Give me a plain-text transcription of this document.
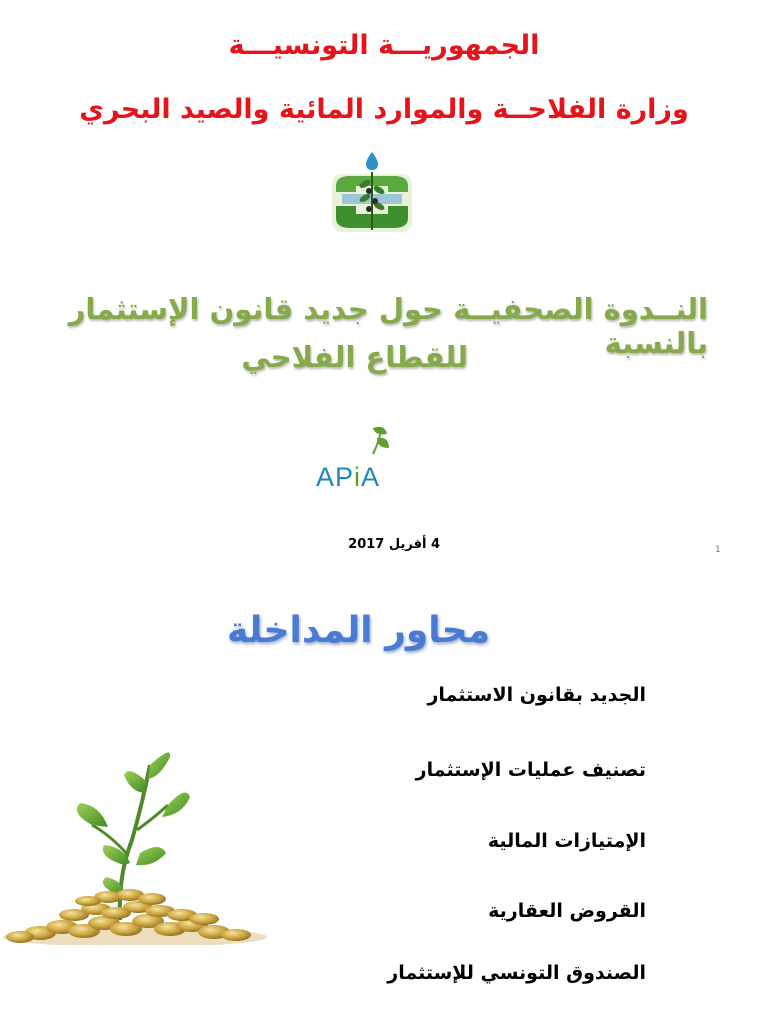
الجمهوريـــة التونسيـــة
وزارة الفلاحــة والموارد المائية والصيد البحري
النــدوة الصحفيــة حول جديد قانون الإستثمار بالنسبة
للقطاع الفلاحي
APiA
4 أفريل 2017	1
محاور المداخلة
الجديد بقانون الاستثمار
تصنيف عمليات الإستثمار
الإمتيازات المالية
القروض العقارية
الصندوق التونسي للإستثمار
